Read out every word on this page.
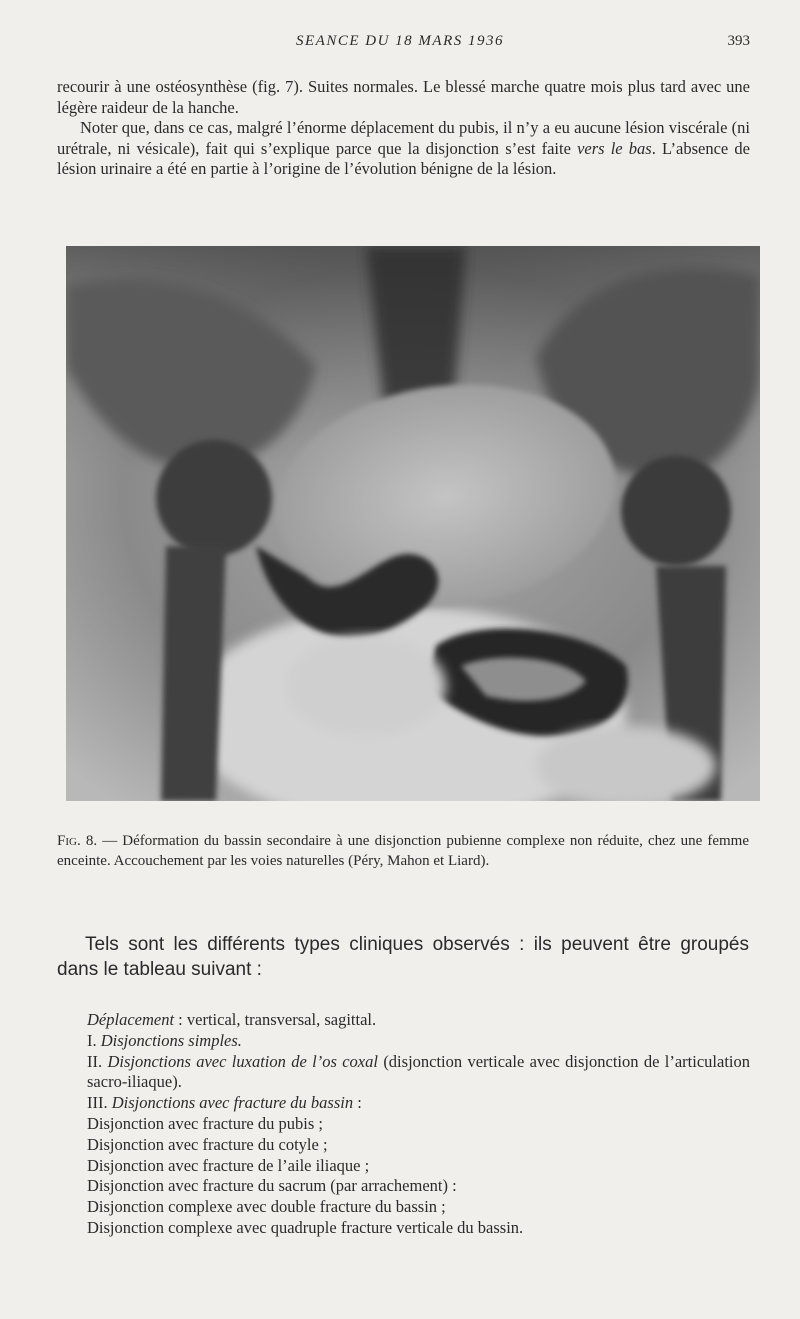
SEANCE DU 18 MARS 1936	393

recourir à une ostéosynthèse (fig. 7). Suites normales. Le blessé marche quatre mois plus tard avec une légère raideur de la hanche.

Noter que, dans ce cas, malgré l’énorme déplacement du pubis, il n’y a eu aucune lésion viscérale (ni urétrale, ni vésicale), fait qui s’explique parce que la disjonction s’est faite vers le bas. L’absence de lésion urinaire a été en partie à l’origine de l’évolution bénigne de la lésion.

Fig. 8. — Déformation du bassin secondaire à une disjonction pubienne complexe non réduite, chez une femme enceinte. Accouchement par les voies naturelles (Péry, Mahon et Liard).
Tels sont les différents types cliniques observés : ils peuvent être groupés dans le tableau suivant :
Déplacement : vertical, transversal, sagittal.
I. Disjonctions simples.
II. Disjonctions avec luxation de l’os coxal (disjonction verticale avec disjonction de l’articulation sacro-iliaque).
III. Disjonctions avec fracture du bassin :
Disjonction avec fracture du pubis ;
Disjonction avec fracture du cotyle ;
Disjonction avec fracture de l’aile iliaque ;
Disjonction avec fracture du sacrum (par arrachement) :
Disjonction complexe avec double fracture du bassin ;
Disjonction complexe avec quadruple fracture verticale du bassin.
